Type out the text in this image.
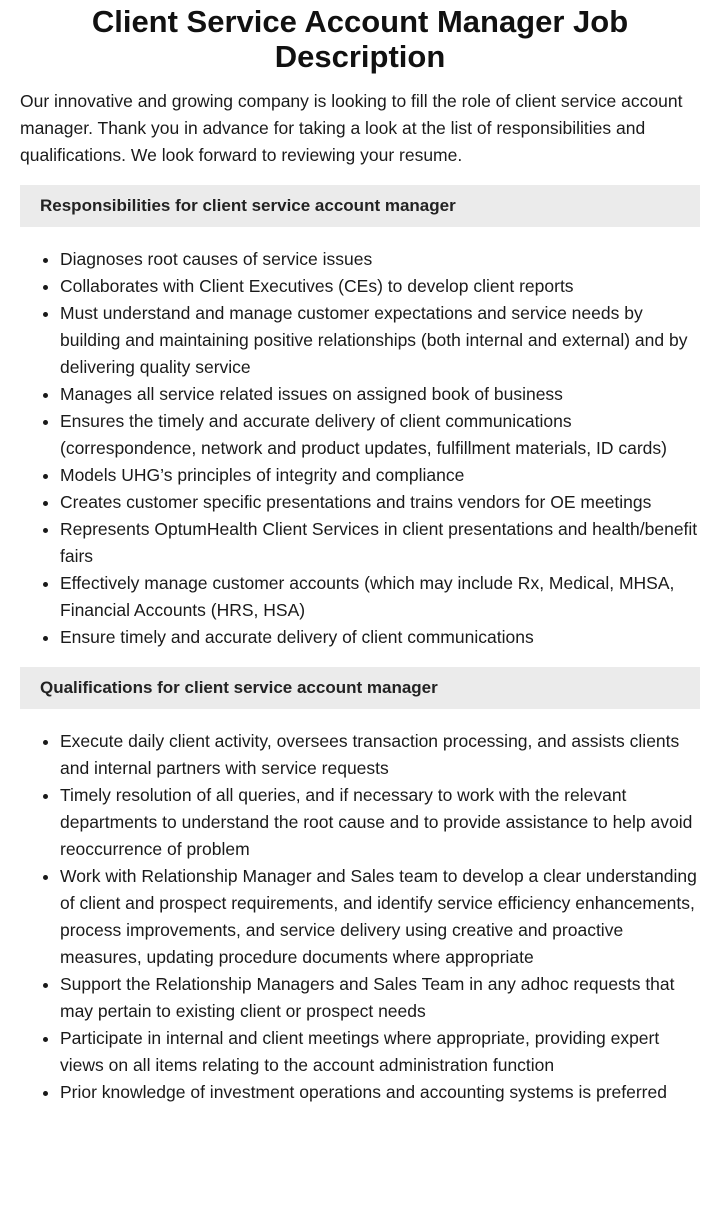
Client Service Account Manager Job Description

Our innovative and growing company is looking to fill the role of client service account manager. Thank you in advance for taking a look at the list of responsibilities and qualifications. We look forward to reviewing your resume.

Responsibilities for client service account manager
• Diagnoses root causes of service issues
• Collaborates with Client Executives (CEs) to develop client reports
• Must understand and manage customer expectations and service needs by building and maintaining positive relationships (both internal and external) and by delivering quality service
• Manages all service related issues on assigned book of business
• Ensures the timely and accurate delivery of client communications (correspondence, network and product updates, fulfillment materials, ID cards)
• Models UHG’s principles of integrity and compliance
• Creates customer specific presentations and trains vendors for OE meetings
• Represents OptumHealth Client Services in client presentations and health/benefit fairs
• Effectively manage customer accounts (which may include Rx, Medical, MHSA, Financial Accounts (HRS, HSA)
• Ensure timely and accurate delivery of client communications
Qualifications for client service account manager
• Execute daily client activity, oversees transaction processing, and assists clients and internal partners with service requests
• Timely resolution of all queries, and if necessary to work with the relevant departments to understand the root cause and to provide assistance to help avoid reoccurrence of problem
• Work with Relationship Manager and Sales team to develop a clear understanding of client and prospect requirements, and identify service efficiency enhancements, process improvements, and service delivery using creative and proactive measures, updating procedure documents where appropriate
• Support the Relationship Managers and Sales Team in any adhoc requests that may pertain to existing client or prospect needs
• Participate in internal and client meetings where appropriate, providing expert views on all items relating to the account administration function
• Prior knowledge of investment operations and accounting systems is preferred
